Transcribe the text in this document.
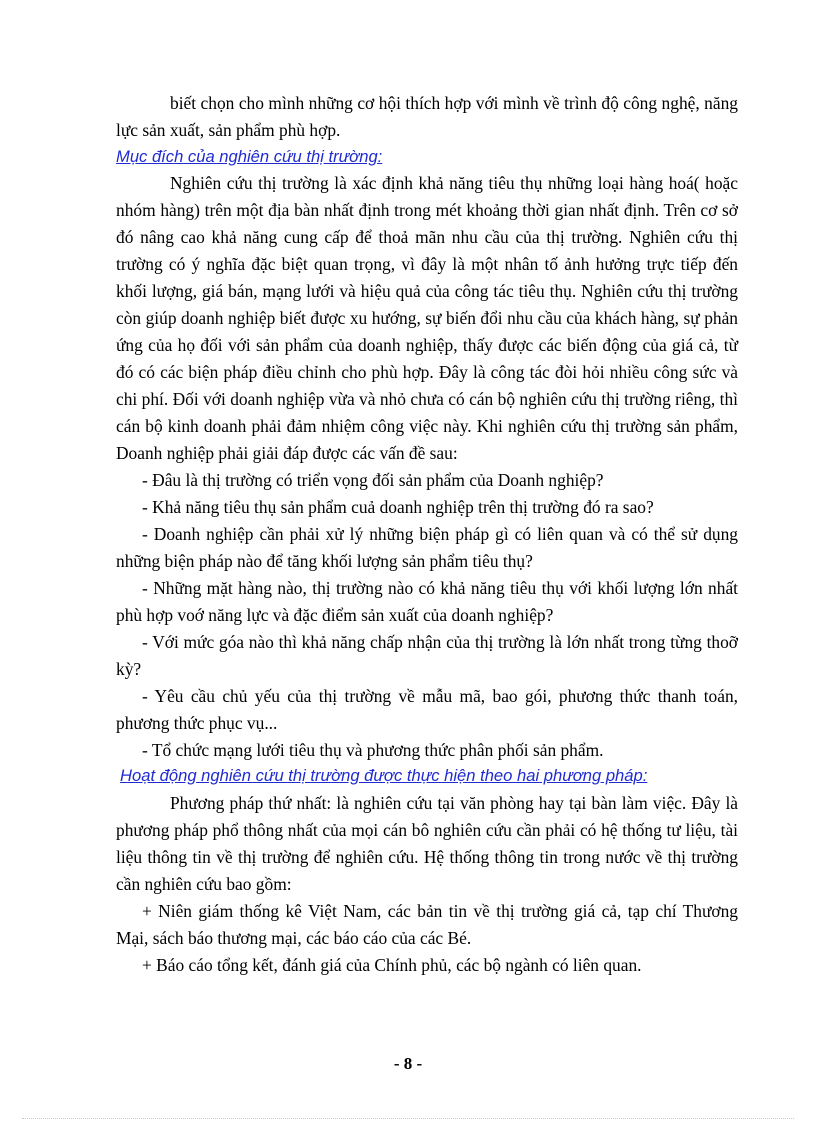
biết chọn cho mình những cơ hội thích hợp với mình về trình độ công nghệ, năng lực sản xuất, sản phẩm phù hợp.

Mục đích của nghiên cứu thị trường:

Nghiên cứu thị trường là xác định khả năng tiêu thụ những loại hàng hoá( hoặc nhóm hàng) trên một địa bàn nhất định trong mét khoảng thời gian nhất định. Trên cơ sở đó nâng cao khả năng cung cấp để thoả mãn nhu cầu của thị trường. Nghiên cứu thị trường có ý nghĩa đặc biệt quan trọng, vì đây là một nhân tố ảnh hưởng trực tiếp đến khối lượng, giá bán, mạng lưới và hiệu quả của công tác tiêu thụ. Nghiên cứu thị trường còn giúp doanh nghiệp biết được xu hướng, sự biến đổi nhu cầu của khách hàng, sự phản ứng của họ đối với sản phẩm của doanh nghiệp, thấy được các biến động của giá cả, từ đó có các biện pháp điều chỉnh cho phù hợp. Đây là công tác đòi hỏi nhiều công sức và chi phí. Đối với doanh nghiệp vừa và nhỏ chưa có cán bộ nghiên cứu thị trường riêng, thì cán bộ kinh doanh phải đảm nhiệm công việc này. Khi nghiên cứu thị trường sản phẩm, Doanh nghiệp phải giải đáp được các vấn đề sau:

- Đâu là thị trường có triển vọng đối sản phẩm của Doanh nghiệp?

- Khả năng tiêu thụ sản phẩm cuả doanh nghiệp trên thị trường đó ra sao?

- Doanh nghiệp cần phải xử lý những biện pháp gì có liên quan và có thể sử dụng những biện pháp nào để tăng khối lượng sản phẩm tiêu thụ?

- Những mặt hàng nào, thị trường nào có khả năng tiêu thụ với khối lượng lớn nhất phù hợp voớ năng lực và đặc điểm sản xuất của doanh nghiệp?

- Với mức góa nào thì khả năng chấp nhận của thị trường là lớn nhất trong từng thoỡ kỳ?

- Yêu cầu chủ yếu của thị trường về mẫu mã, bao gói, phương thức thanh toán, phương thức phục vụ...

- Tổ chức mạng lưới tiêu thụ và phương thức phân phối sản phẩm.

Hoạt động nghiên cứu thị trường được thực hiện theo hai phương pháp:

Phương pháp thứ nhất: là nghiên cứu tại văn phòng hay tại bàn làm việc. Đây là phương pháp phổ thông nhất của mọi cán bô nghiên cứu cần phải có hệ thống tư liệu, tài liệu thông tin về thị trường để nghiên cứu. Hệ thống thông tin trong nước về thị trường cần nghiên cứu bao gồm:

+ Niên giám thống kê Việt Nam, các bản tin về thị trường giá cả, tạp chí Thương Mại, sách báo thương mại, các báo cáo của các Bé.

+ Báo cáo tổng kết, đánh giá của Chính phủ, các bộ ngành có liên quan.

- 8 -
